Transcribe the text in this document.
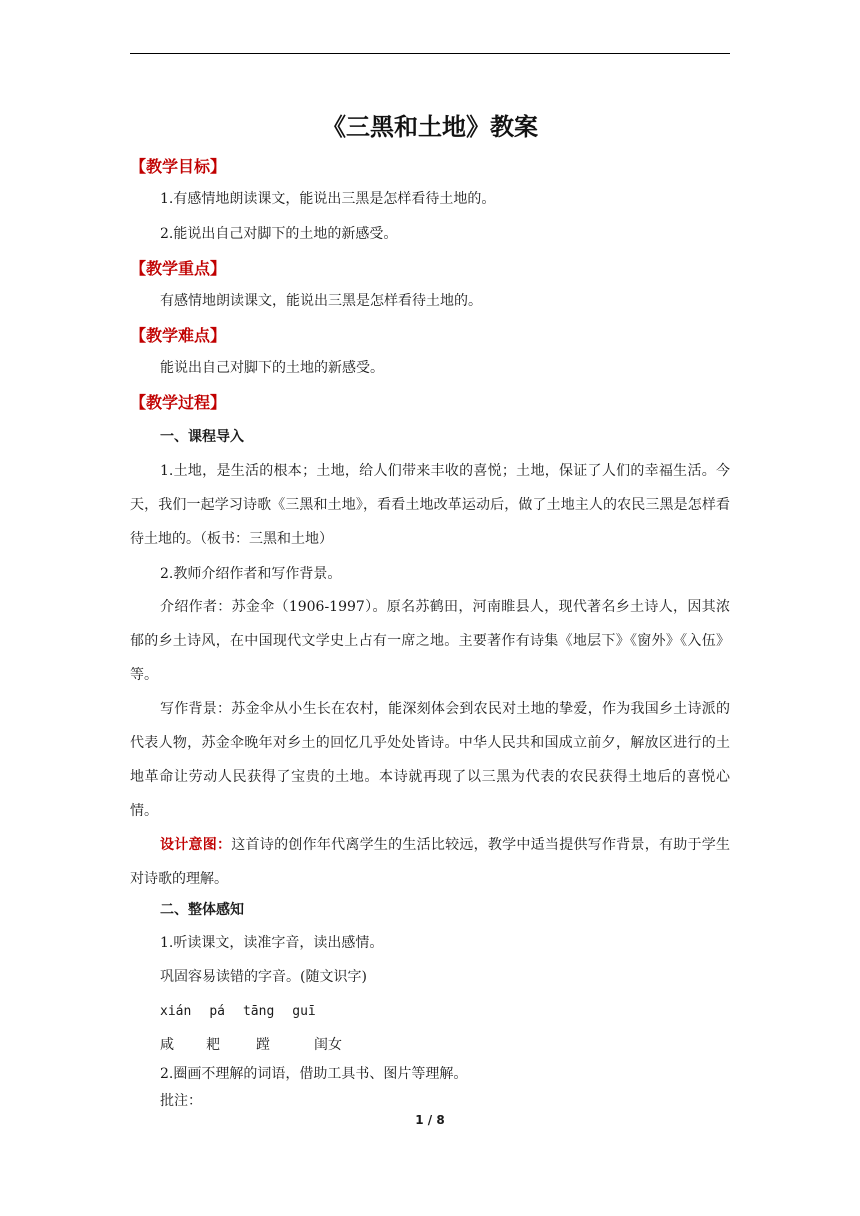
《三黑和土地》教案
【教学目标】

1.有感情地朗读课文，能说出三黑是怎样看待土地的。

2.能说出自己对脚下的土地的新感受。

【教学重点】

有感情地朗读课文，能说出三黑是怎样看待土地的。

【教学难点】

能说出自己对脚下的土地的新感受。

【教学过程】
一、课程导入

1.土地，是生活的根本；土地，给人们带来丰收的喜悦；土地，保证了人们的幸福生活。今天，我们一起学习诗歌《三黑和土地》，看看土地改革运动后，做了土地主人的农民三黑是怎样看待土地的。（板书：三黑和土地）

2.教师介绍作者和写作背景。

介绍作者：苏金伞（1906-1997）。原名苏鹤田，河南睢县人，现代著名乡土诗人，因其浓郁的乡土诗风，在中国现代文学史上占有一席之地。主要著作有诗集《地层下》《窗外》《入伍》等。

写作背景：苏金伞从小生长在农村，能深刻体会到农民对土地的挚爱，作为我国乡土诗派的代表人物，苏金伞晚年对乡土的回忆几乎处处皆诗。中华人民共和国成立前夕，解放区进行的土地革命让劳动人民获得了宝贵的土地。本诗就再现了以三黑为代表的农民获得土地后的喜悦心情。

设计意图：这首诗的创作年代离学生的生活比较远，教学中适当提供写作背景，有助于学生对诗歌的理解。

二、整体感知

1.听读课文，读准字音，读出感情。

巩固容易读错的字音。(随文识字)

xián pá tāng guī
咸	耙	蹚	闺女

2.圈画不理解的词语，借助工具书、图片等理解。

批注：

1 / 8
